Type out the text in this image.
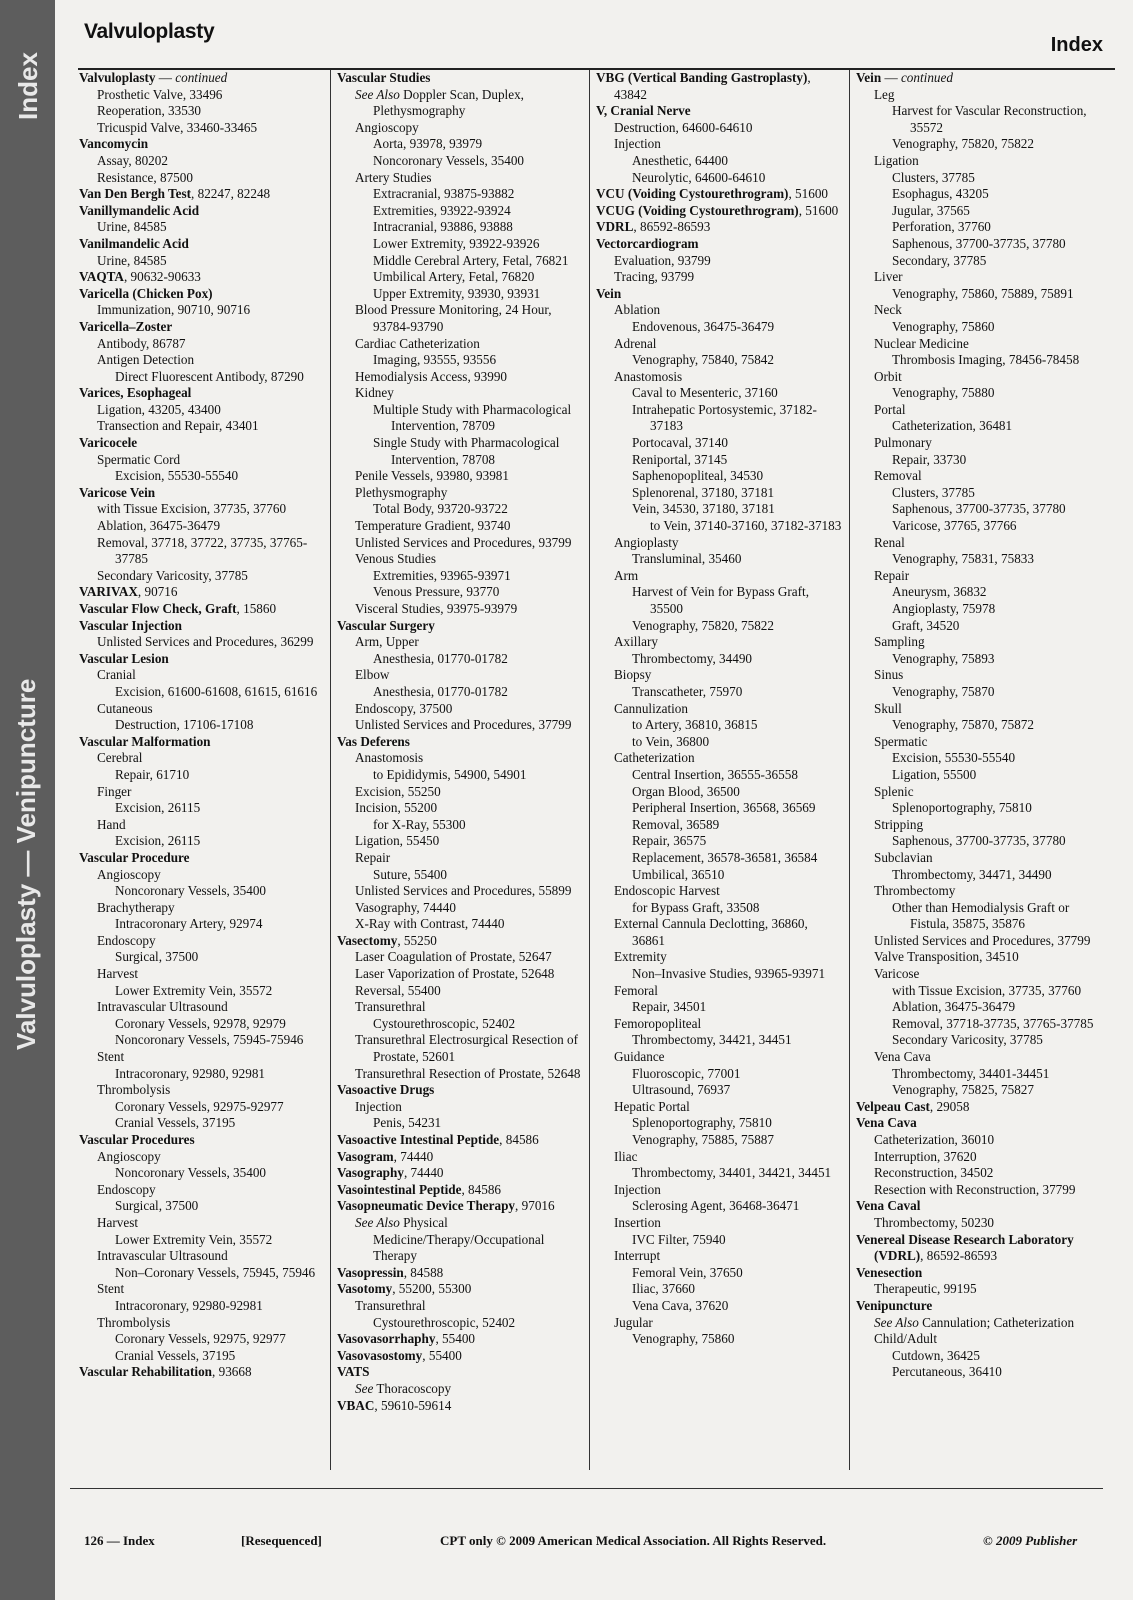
Index
Valvuloplasty — Venipuncture
Valvuloplasty
Index
Valvuloplasty — continued
Prosthetic Valve, 33496
Reoperation, 33530
Tricuspid Valve, 33460-33465
Vancomycin
Assay, 80202
Resistance, 87500
Van Den Bergh Test, 82247, 82248
Vanillymandelic Acid
Urine, 84585
Vanilmandelic Acid
Urine, 84585
VAQTA, 90632-90633
Varicella (Chicken Pox)
Immunization, 90710, 90716
Varicella–Zoster
Antibody, 86787
Antigen Detection
Direct Fluorescent Antibody, 87290
Varices, Esophageal
Ligation, 43205, 43400
Transection and Repair, 43401
Varicocele
Spermatic Cord
Excision, 55530-55540
Varicose Vein
with Tissue Excision, 37735, 37760
Ablation, 36475-36479
Removal, 37718, 37722, 37735, 37765-37785
Secondary Varicosity, 37785
VARIVAX, 90716
Vascular Flow Check, Graft, 15860
Vascular Injection
Unlisted Services and Procedures, 36299
Vascular Lesion
Cranial
Excision, 61600-61608, 61615, 61616
Cutaneous
Destruction, 17106-17108
Vascular Malformation
Cerebral
Repair, 61710
Finger
Excision, 26115
Hand
Excision, 26115
Vascular Procedure
Angioscopy
Noncoronary Vessels, 35400
Brachytherapy
Intracoronary Artery, 92974
Endoscopy
Surgical, 37500
Harvest
Lower Extremity Vein, 35572
Intravascular Ultrasound
Coronary Vessels, 92978, 92979
Noncoronary Vessels, 75945-75946
Stent
Intracoronary, 92980, 92981
Thrombolysis
Coronary Vessels, 92975-92977
Cranial Vessels, 37195
Vascular Procedures
Angioscopy
Noncoronary Vessels, 35400
Endoscopy
Surgical, 37500
Harvest
Lower Extremity Vein, 35572
Intravascular Ultrasound
Non–Coronary Vessels, 75945, 75946
Stent
Intracoronary, 92980-92981
Thrombolysis
Coronary Vessels, 92975, 92977
Cranial Vessels, 37195
Vascular Rehabilitation, 93668
Vascular Studies
See Also Doppler Scan, Duplex, Plethysmography
Angioscopy
Aorta, 93978, 93979
Noncoronary Vessels, 35400
Artery Studies
Extracranial, 93875-93882
Extremities, 93922-93924
Intracranial, 93886, 93888
Lower Extremity, 93922-93926
Middle Cerebral Artery, Fetal, 76821
Umbilical Artery, Fetal, 76820
Upper Extremity, 93930, 93931
Blood Pressure Monitoring, 24 Hour, 93784-93790
Cardiac Catheterization
Imaging, 93555, 93556
Hemodialysis Access, 93990
Kidney
Multiple Study with Pharmacological Intervention, 78709
Single Study with Pharmacological Intervention, 78708
Penile Vessels, 93980, 93981
Plethysmography
Total Body, 93720-93722
Temperature Gradient, 93740
Unlisted Services and Procedures, 93799
Venous Studies
Extremities, 93965-93971
Venous Pressure, 93770
Visceral Studies, 93975-93979
Vascular Surgery
Arm, Upper
Anesthesia, 01770-01782
Elbow
Anesthesia, 01770-01782
Endoscopy, 37500
Unlisted Services and Procedures, 37799
Vas Deferens
Anastomosis
to Epididymis, 54900, 54901
Excision, 55250
Incision, 55200
for X-Ray, 55300
Ligation, 55450
Repair
Suture, 55400
Unlisted Services and Procedures, 55899
Vasography, 74440
X-Ray with Contrast, 74440
Vasectomy, 55250
Laser Coagulation of Prostate, 52647
Laser Vaporization of Prostate, 52648
Reversal, 55400
Transurethral
Cystourethroscopic, 52402
Transurethral Electrosurgical Resection of Prostate, 52601
Transurethral Resection of Prostate, 52648
Vasoactive Drugs
Injection
Penis, 54231
Vasoactive Intestinal Peptide, 84586
Vasogram, 74440
Vasography, 74440
Vasointestinal Peptide, 84586
Vasopneumatic Device Therapy, 97016
See Also Physical Medicine/Therapy/Occupational Therapy
Vasopressin, 84588
Vasotomy, 55200, 55300
Transurethral
Cystourethroscopic, 52402
Vasovasorrhaphy, 55400
Vasovasostomy, 55400
VATS
See Thoracoscopy
VBAC, 59610-59614
VBG (Vertical Banding Gastroplasty), 43842
V, Cranial Nerve
Destruction, 64600-64610
Injection
Anesthetic, 64400
Neurolytic, 64600-64610
VCU (Voiding Cystourethrogram), 51600
VCUG (Voiding Cystourethrogram), 51600
VDRL, 86592-86593
Vectorcardiogram
Evaluation, 93799
Tracing, 93799
Vein
Ablation
Endovenous, 36475-36479
Adrenal
Venography, 75840, 75842
Anastomosis
Caval to Mesenteric, 37160
Intrahepatic Portosystemic, 37182-37183
Portocaval, 37140
Reniportal, 37145
Saphenopopliteal, 34530
Splenorenal, 37180, 37181
Vein, 34530, 37180, 37181
to Vein, 37140-37160, 37182-37183
Angioplasty
Transluminal, 35460
Arm
Harvest of Vein for Bypass Graft, 35500
Venography, 75820, 75822
Axillary
Thrombectomy, 34490
Biopsy
Transcatheter, 75970
Cannulization
to Artery, 36810, 36815
to Vein, 36800
Catheterization
Central Insertion, 36555-36558
Organ Blood, 36500
Peripheral Insertion, 36568, 36569
Removal, 36589
Repair, 36575
Replacement, 36578-36581, 36584
Umbilical, 36510
Endoscopic Harvest
for Bypass Graft, 33508
External Cannula Declotting, 36860, 36861
Extremity
Non–Invasive Studies, 93965-93971
Femoral
Repair, 34501
Femoropopliteal
Thrombectomy, 34421, 34451
Guidance
Fluoroscopic, 77001
Ultrasound, 76937
Hepatic Portal
Splenoportography, 75810
Venography, 75885, 75887
Iliac
Thrombectomy, 34401, 34421, 34451
Injection
Sclerosing Agent, 36468-36471
Insertion
IVC Filter, 75940
Interrupt
Femoral Vein, 37650
Iliac, 37660
Vena Cava, 37620
Jugular
Venography, 75860
Vein — continued
Leg
Harvest for Vascular Reconstruction, 35572
Venography, 75820, 75822
Ligation
Clusters, 37785
Esophagus, 43205
Jugular, 37565
Perforation, 37760
Saphenous, 37700-37735, 37780
Secondary, 37785
Liver
Venography, 75860, 75889, 75891
Neck
Venography, 75860
Nuclear Medicine
Thrombosis Imaging, 78456-78458
Orbit
Venography, 75880
Portal
Catheterization, 36481
Pulmonary
Repair, 33730
Removal
Clusters, 37785
Saphenous, 37700-37735, 37780
Varicose, 37765, 37766
Renal
Venography, 75831, 75833
Repair
Aneurysm, 36832
Angioplasty, 75978
Graft, 34520
Sampling
Venography, 75893
Sinus
Venography, 75870
Skull
Venography, 75870, 75872
Spermatic
Excision, 55530-55540
Ligation, 55500
Splenic
Splenoportography, 75810
Stripping
Saphenous, 37700-37735, 37780
Subclavian
Thrombectomy, 34471, 34490
Thrombectomy
Other than Hemodialysis Graft or Fistula, 35875, 35876
Unlisted Services and Procedures, 37799
Valve Transposition, 34510
Varicose
with Tissue Excision, 37735, 37760
Ablation, 36475-36479
Removal, 37718-37735, 37765-37785
Secondary Varicosity, 37785
Vena Cava
Thrombectomy, 34401-34451
Venography, 75825, 75827
Velpeau Cast, 29058
Vena Cava
Catheterization, 36010
Interruption, 37620
Reconstruction, 34502
Resection with Reconstruction, 37799
Vena Caval
Thrombectomy, 50230
Venereal Disease Research Laboratory (VDRL), 86592-86593
Venesection
Therapeutic, 99195
Venipuncture
See Also Cannulation; Catheterization
Child/Adult
Cutdown, 36425
Percutaneous, 36410
126 — Index	[Resequenced]	CPT only © 2009 American Medical Association. All Rights Reserved.	© 2009 Publisher
